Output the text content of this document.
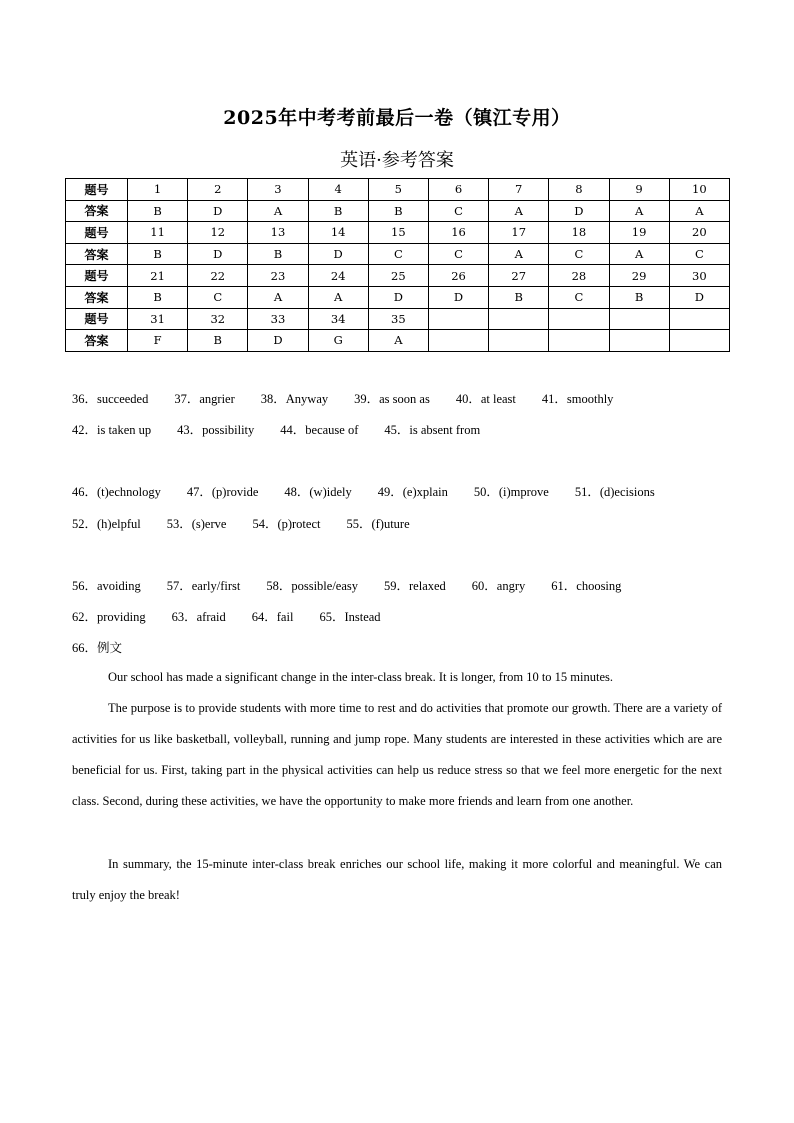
2025年中考考前最后一卷（镇江专用）
英语·参考答案
题号	1	2	3	4	5	6	7	8	9	10
答案	B	D	A	B	B	C	A	D	A	A
题号	11	12	13	14	15	16	17	18	19	20
答案	B	D	B	D	C	C	A	C	A	C
题号	21	22	23	24	25	26	27	28	29	30
答案	B	C	A	A	D	D	B	C	B	D
题号	31	32	33	34	35					
答案	F	B	D	G	A					
36．succeeded 37．angrier 38．Anyway 39．as soon as 40．at least 41．smoothly
42．is taken up 43．possibility 44．because of 45．is absent from
46．(t)echnology 47．(p)rovide 48．(w)idely 49．(e)xplain 50．(i)mprove 51．(d)ecisions
52．(h)elpful 53．(s)erve 54．(p)rotect 55．(f)uture
56．avoiding 57．early/first 58．possible/easy 59．relaxed 60．angry 61．choosing
62．providing 63．afraid 64．fail 65．Instead
66．例文
Our school has made a significant change in the inter-class break. It is longer, from 10 to 15 minutes.
The purpose is to provide students with more time to rest and do activities that promote our growth. There are a variety of activities for us like basketball, volleyball, running and jump rope. Many students are interested in these activities which are are beneficial for us. First, taking part in the physical activities can help us reduce stress so that we feel more energetic for the next class. Second, during these activities, we have the opportunity to make more friends and learn from one another.
In summary, the 15-minute inter-class break enriches our school life, making it more colorful and meaningful. We can truly enjoy the break!
